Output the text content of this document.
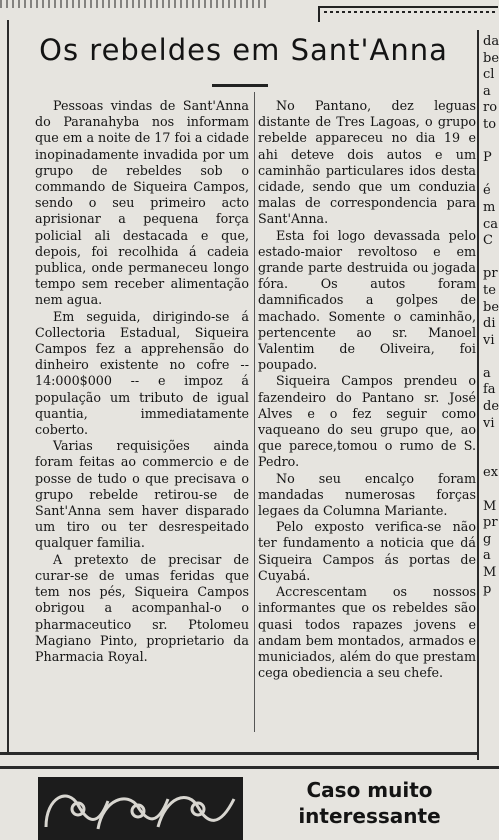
Os rebeldes em Sant'Anna

Pessoas vindas de Sant'Anna do Paranahyba nos informam que em a noite de 17 foi a cidade inopinadamente invadida por um grupo de rebeldes sob o commando de Siqueira Campos, sendo o seu primeiro acto aprisionar a pequena força policial ali destacada e que, depois, foi recolhida á cadeia publica, onde permaneceu longo tempo sem receber alimentação nem agua.

Em seguida, dirigindo-se á Collectoria Estadual, Siqueira Campos fez a apprehensão do dinheiro existente no cofre -- 14:000$000 -- e impoz á população um tributo de igual quantia, immediatamente coberto.

Varias requisições ainda foram feitas ao commercio e de posse de tudo o que precisava o grupo rebelde retirou-se de Sant'Anna sem haver disparado um tiro ou ter desrespeitado qualquer familia.

A pretexto de precisar de curar-se de umas feridas que tem nos pés, Siqueira Campos obrigou a acompanhal-o o pharmaceutico sr. Ptolomeu Magiano Pinto, proprietario da Pharmacia Royal.

No Pantano, dez leguas distante de Tres Lagoas, o grupo rebelde appareceu no dia 19 e ahi deteve dois autos e um caminhão particulares idos desta cidade, sendo que um conduzia malas de correspondencia para Sant'Anna.

Esta foi logo devassada pelo estado-maior revoltoso e em grande parte destruida ou jogada fóra. Os autos foram damnificados a golpes de machado. Somente o caminhão, pertencente ao sr. Manoel Valentim de Oliveira, foi poupado.

Siqueira Campos prendeu o fazendeiro do Pantano sr. José Alves e o fez seguir como vaqueano do seu grupo que, ao que parece,tomou o rumo de S. Pedro.

No seu encalço foram mandadas numerosas forças legaes da Columna Mariante.

Pelo exposto verifica-se não ter fundamento a noticia que dá Siqueira Campos ás portas de Cuyabá.

Accrescentam os nossos informantes que os rebeldes são quasi todos rapazes jovens e andam bem montados, armados e municiados, além do que prestam cega obediencia a seu chefe.

da
be
cl
a
ro
to

P

é
m
ca
C

pr
te
be
di
vi

a
fa
de
vi

ex

M
pr
g
a
M
p
Caso muito interessante
